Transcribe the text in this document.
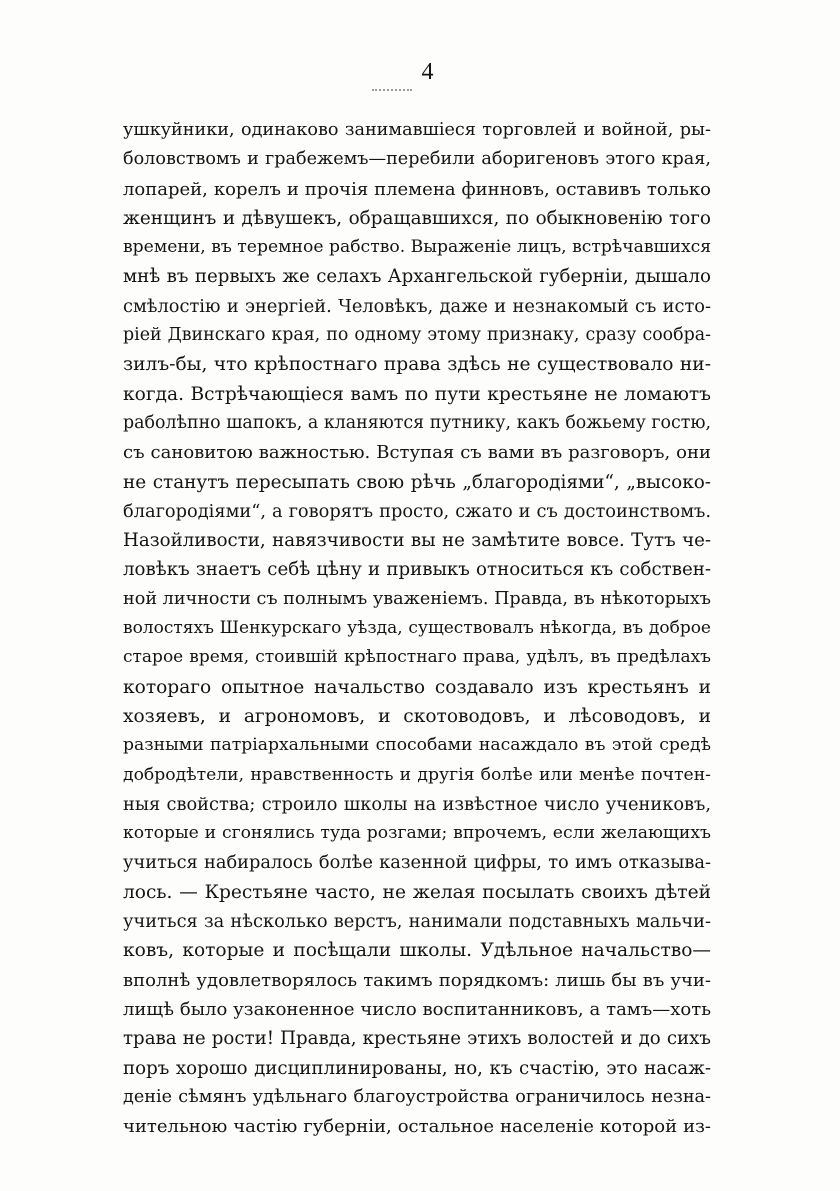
4
ушкуйники, одинаково занимавшіеся торговлей и войной, ры-
боловствомъ и грабежемъ—перебили аборигеновъ этого края,
лопарей, корелъ и прочія племена финновъ, оставивъ только
женщинъ и дѣвушекъ, обращавшихся, по обыкновенію того
времени, въ теремное рабство. Выраженіе лицъ, встрѣчавшихся
мнѣ въ первыхъ же селахъ Архангельской губерніи, дышало
смѣлостію и энергіей. Человѣкъ, даже и незнакомый съ исто-
ріей Двинскаго края, по одному этому признаку, сразу сообра-
зилъ-бы, что крѣпостнаго права здѣсь не существовало ни-
когда. Встрѣчающіеся вамъ по пути крестьяне не ломаютъ
раболѣпно шапокъ, а кланяются путнику, какъ божьему гостю,
съ сановитою важностью. Вступая съ вами въ разговоръ, они
не станутъ пересыпать свою рѣчь „благородіями“, „высоко-
благородіями“, а говорятъ просто, сжато и съ достоинствомъ.
Назойливости, навязчивости вы не замѣтите вовсе. Тутъ че-
ловѣкъ знаетъ себѣ цѣну и привыкъ относиться къ собствен-
ной личности съ полнымъ уваженіемъ. Правда, въ нѣкоторыхъ
волостяхъ Шенкурскаго уѣзда, существовалъ нѣкогда, въ доброе
старое время, стоившій крѣпостнаго права, удѣлъ, въ предѣлахъ
котораго опытное начальство создавало изъ крестьянъ и
хозяевъ, и агрономовъ, и скотоводовъ, и лѣсоводовъ, и
разными патріархальными способами насаждало въ этой средѣ
добродѣтели, нравственность и другія болѣе или менѣе почтен-
ныя свойства; строило школы на извѣстное число учениковъ,
которые и сгонялись туда розгами; впрочемъ, если желающихъ
учиться набиралось болѣе казенной цифры, то имъ отказыва-
лось. — Крестьяне часто, не желая посылать своихъ дѣтей
учиться за нѣсколько верстъ, нанимали подставныхъ мальчи-
ковъ, которые и посѣщали школы. Удѣльное начальство—
вполнѣ удовлетворялось такимъ порядкомъ: лишь бы въ учи-
лищѣ было узаконенное число воспитанниковъ, а тамъ—хоть
трава не рости! Правда, крестьяне этихъ волостей и до сихъ
поръ хорошо дисциплинированы, но, къ счастію, это насаж-
деніе сѣмянъ удѣльнаго благоустройства ограничилось незна-
чительною частію губерніи, остальное населеніе которой из-
